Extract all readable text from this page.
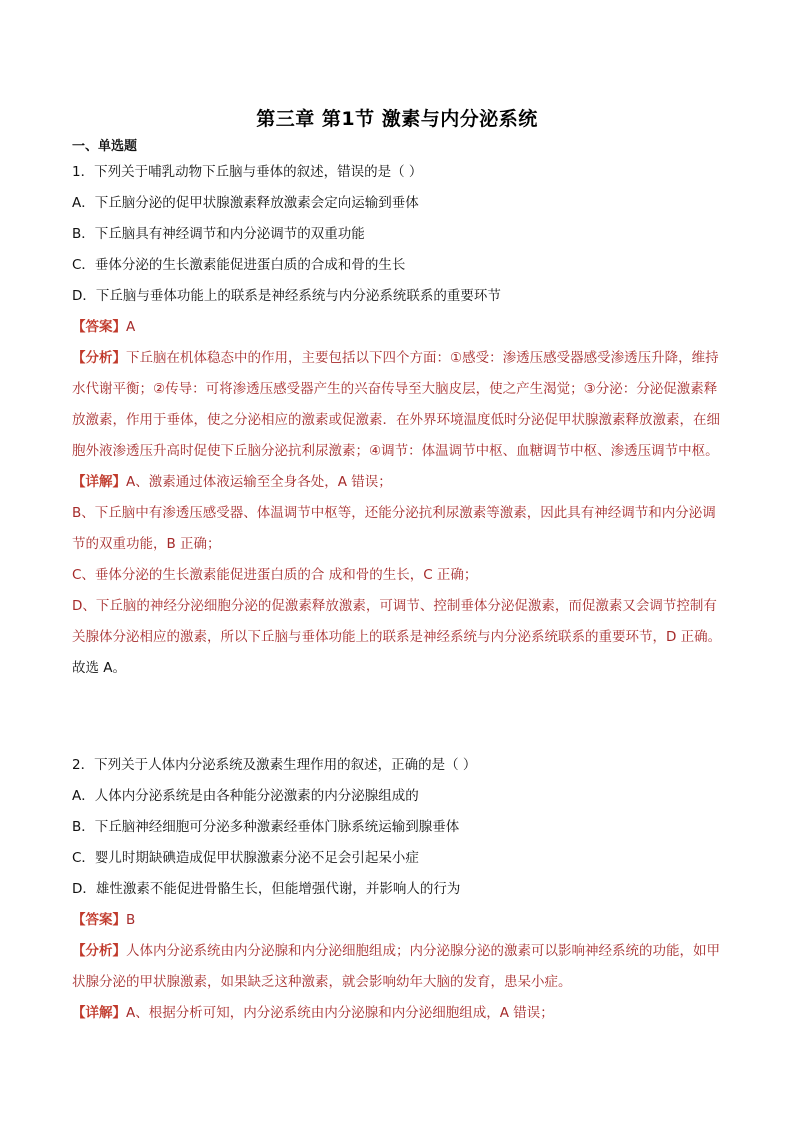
第三章 第1节 激素与内分泌系统
一、单选题
1．下列关于哺乳动物下丘脑与垂体的叙述，错误的是（ ）
A．下丘脑分泌的促甲状腺激素释放激素会定向运输到垂体
B．下丘脑具有神经调节和内分泌调节的双重功能
C．垂体分泌的生长激素能促进蛋白质的合成和骨的生长
D．下丘脑与垂体功能上的联系是神经系统与内分泌系统联系的重要环节
【答案】A
【分析】下丘脑在机体稳态中的作用，主要包括以下四个方面：①感受：渗透压感受器感受渗透压升降，维持水代谢平衡；②传导：可将渗透压感受器产生的兴奋传导至大脑皮层，使之产生渴觉；③分泌：分泌促激素释放激素，作用于垂体，使之分泌相应的激素或促激素．在外界环境温度低时分泌促甲状腺激素释放激素，在细胞外液渗透压升高时促使下丘脑分泌抗利尿激素；④调节：体温调节中枢、血糖调节中枢、渗透压调节中枢。
【详解】A、激素通过体液运输至全身各处，A 错误；
B、下丘脑中有渗透压感受器、体温调节中枢等，还能分泌抗利尿激素等激素，因此具有神经调节和内分泌调节的双重功能，B 正确；
C、垂体分泌的生长激素能促进蛋白质的合 成和骨的生长，C 正确；
D、下丘脑的神经分泌细胞分泌的促激素释放激素，可调节、控制垂体分泌促激素，而促激素又会调节控制有关腺体分泌相应的激素，所以下丘脑与垂体功能上的联系是神经系统与内分泌系统联系的重要环节，D 正确。
故选 A。
2．下列关于人体内分泌系统及激素生理作用的叙述，正确的是（ ）
A．人体内分泌系统是由各种能分泌激素的内分泌腺组成的
B．下丘脑神经细胞可分泌多种激素经垂体门脉系统运输到腺垂体
C．婴儿时期缺碘造成促甲状腺激素分泌不足会引起呆小症
D．雄性激素不能促进骨骼生长，但能增强代谢，并影响人的行为
【答案】B
【分析】人体内分泌系统由内分泌腺和内分泌细胞组成；内分泌腺分泌的激素可以影响神经系统的功能，如甲状腺分泌的甲状腺激素，如果缺乏这种激素，就会影响幼年大脑的发育，患呆小症。
【详解】A、根据分析可知，内分泌系统由内分泌腺和内分泌细胞组成，A 错误；
